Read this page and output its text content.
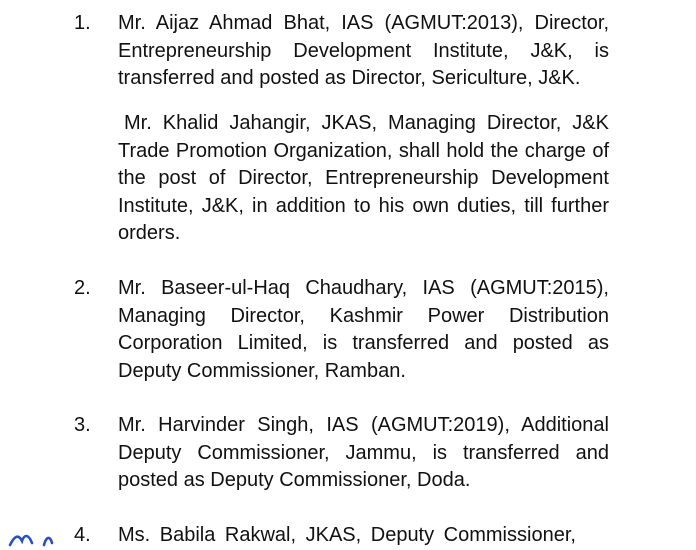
1. Mr. Aijaz Ahmad Bhat, IAS (AGMUT:2013), Director, Entrepreneurship Development Institute, J&K, is transferred and posted as Director, Sericulture, J&K.

Mr. Khalid Jahangir, JKAS, Managing Director, J&K Trade Promotion Organization, shall hold the charge of the post of Director, Entrepreneurship Development Institute, J&K, in addition to his own duties, till further orders.

2. Mr. Baseer-ul-Haq Chaudhary, IAS (AGMUT:2015), Managing Director, Kashmir Power Distribution Corporation Limited, is transferred and posted as Deputy Commissioner, Ramban.

3. Mr. Harvinder Singh, IAS (AGMUT:2019), Additional Deputy Commissioner, Jammu, is transferred and posted as Deputy Commissioner, Doda.

4. Ms. Babila Rakwal, JKAS, Deputy Commissioner,
